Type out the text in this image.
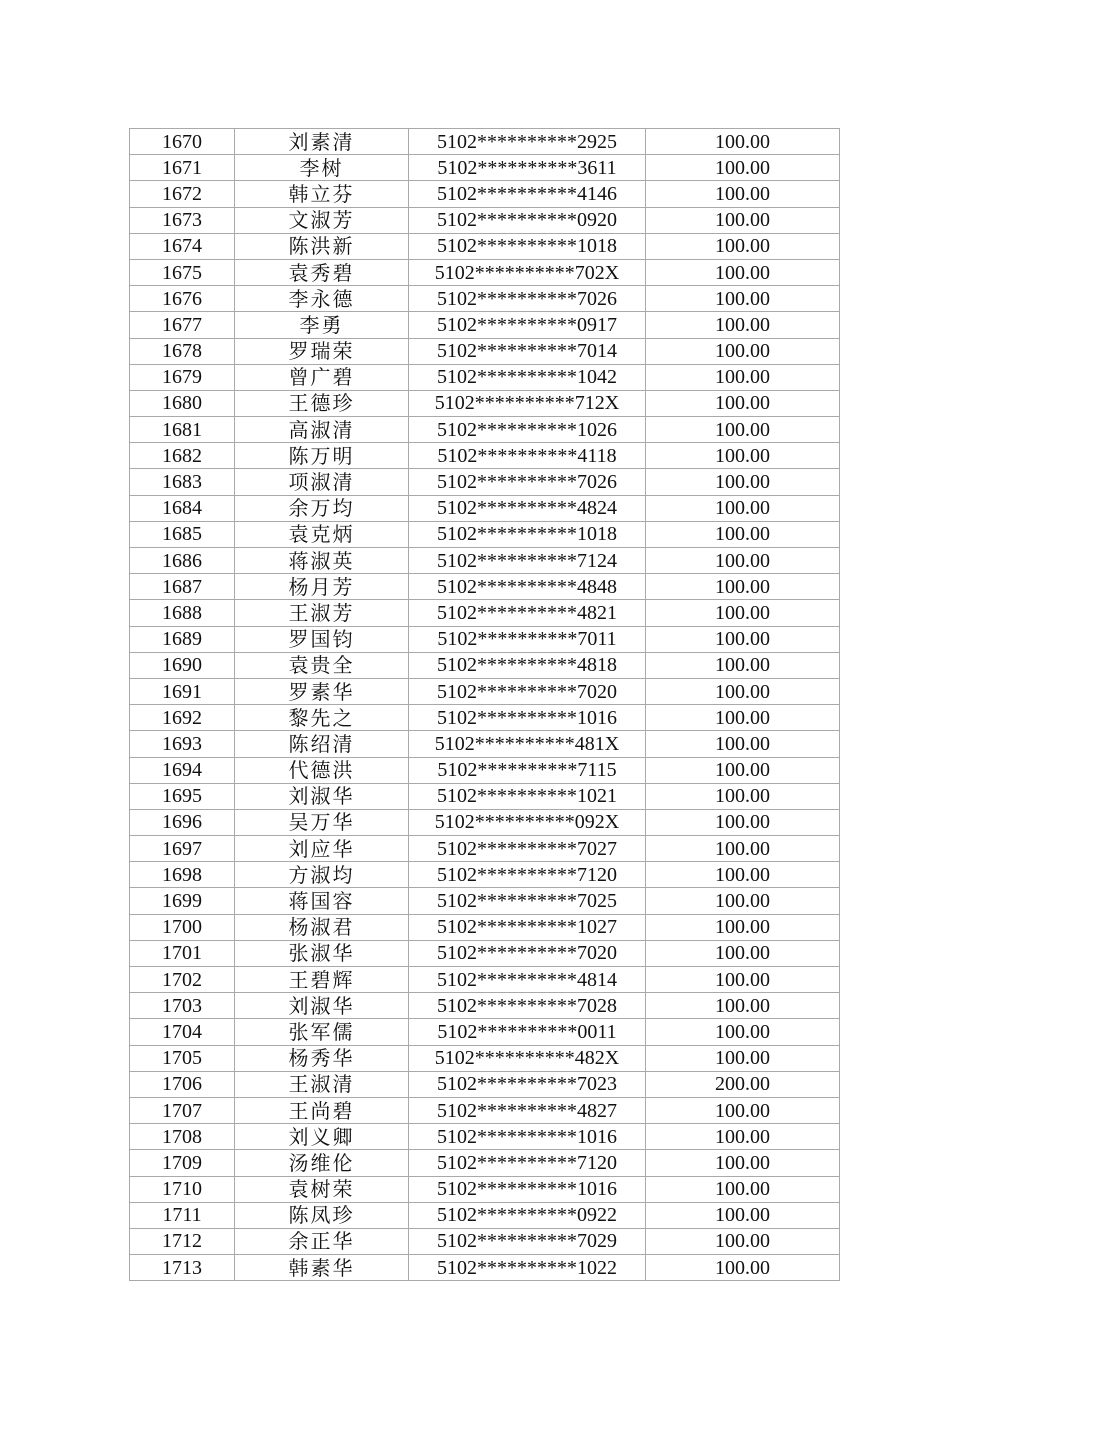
1670	刘素清	5102**********2925	100.00
1671	李树	5102**********3611	100.00
1672	韩立芬	5102**********4146	100.00
1673	文淑芳	5102**********0920	100.00
1674	陈洪新	5102**********1018	100.00
1675	袁秀碧	5102**********702X	100.00
1676	李永德	5102**********7026	100.00
1677	李勇	5102**********0917	100.00
1678	罗瑞荣	5102**********7014	100.00
1679	曾广碧	5102**********1042	100.00
1680	王德珍	5102**********712X	100.00
1681	高淑清	5102**********1026	100.00
1682	陈万明	5102**********4118	100.00
1683	项淑清	5102**********7026	100.00
1684	余万均	5102**********4824	100.00
1685	袁克炳	5102**********1018	100.00
1686	蒋淑英	5102**********7124	100.00
1687	杨月芳	5102**********4848	100.00
1688	王淑芳	5102**********4821	100.00
1689	罗国钧	5102**********7011	100.00
1690	袁贵全	5102**********4818	100.00
1691	罗素华	5102**********7020	100.00
1692	黎先之	5102**********1016	100.00
1693	陈绍清	5102**********481X	100.00
1694	代德洪	5102**********7115	100.00
1695	刘淑华	5102**********1021	100.00
1696	吴万华	5102**********092X	100.00
1697	刘应华	5102**********7027	100.00
1698	方淑均	5102**********7120	100.00
1699	蒋国容	5102**********7025	100.00
1700	杨淑君	5102**********1027	100.00
1701	张淑华	5102**********7020	100.00
1702	王碧辉	5102**********4814	100.00
1703	刘淑华	5102**********7028	100.00
1704	张军儒	5102**********0011	100.00
1705	杨秀华	5102**********482X	100.00
1706	王淑清	5102**********7023	200.00
1707	王尚碧	5102**********4827	100.00
1708	刘义卿	5102**********1016	100.00
1709	汤维伦	5102**********7120	100.00
1710	袁树荣	5102**********1016	100.00
1711	陈凤珍	5102**********0922	100.00
1712	余正华	5102**********7029	100.00
1713	韩素华	5102**********1022	100.00
